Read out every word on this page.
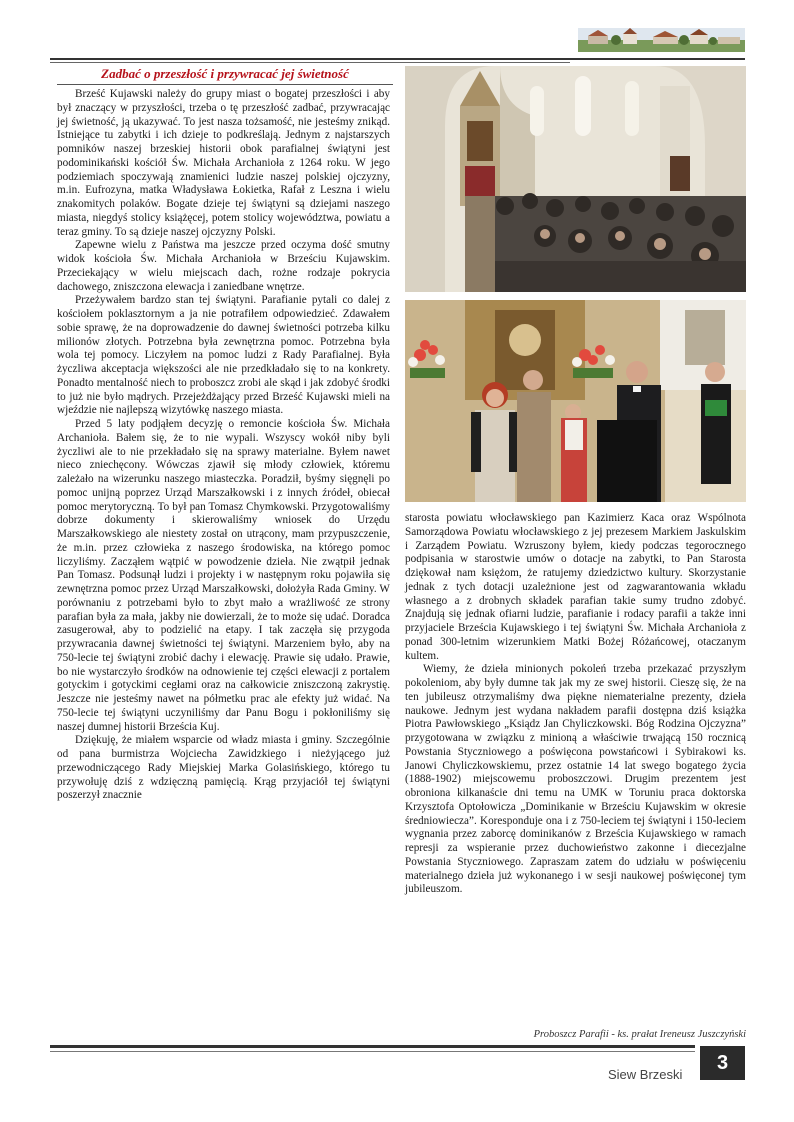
Zadbać o przeszłość i przywracać jej świetność

Brześć Kujawski należy do grupy miast o bogatej przeszłości i aby był znaczący w przyszłości, trzeba o tę przeszłość zadbać, przywracając jej świetność, ją ukazywać. To jest nasza tożsamość, nie jesteśmy znikąd. Istniejące tu zabytki i ich dzieje to podkreślają. Jednym z najstarszych pomników naszej brzeskiej historii obok parafialnej świątyni jest podominikański kościół Św. Michała Archanioła z 1264 roku. W jego podziemiach spoczywają znamienici ludzie naszej polskiej ojczyzny, m.in. Eufrozyna, matka Władysława Łokietka, Rafał z Leszna i wielu znakomitych polaków. Bogate dzieje tej świątyni są dziejami naszego miasta, niegdyś stolicy książęcej, potem stolicy województwa, powiatu a teraz gminy. To są dzieje naszej ojczyzny Polski.

Zapewne wielu z Państwa ma jeszcze przed oczyma dość smutny widok kościoła Św. Michała Archanioła w Brześciu Kujawskim. Przeciekający w wielu miejscach dach, rożne rodzaje pokrycia dachowego, zniszczona elewacja i zaniedbane wnętrze.

Przeżywałem bardzo stan tej świątyni. Parafianie pytali co dalej z kościołem poklasztornym a ja nie potrafiłem odpowiedzieć. Zdawałem sobie sprawę, że na doprowadzenie do dawnej świetności potrzeba kilku milionów złotych. Potrzebna była zewnętrzna pomoc. Potrzebna była wola tej pomocy. Liczyłem na pomoc ludzi z Rady Parafialnej. Była życzliwa akceptacja większości ale nie przedkładało się to na konkrety. Ponadto mentalność niech to proboszcz zrobi ale skąd i jak zdobyć środki to już nie było mądrych. Przejeżdżający przed Brześć Kujawski mieli na wjeździe nie najlepszą wizytówkę naszego miasta.

Przed 5 laty podjąłem decyzję o remoncie kościoła Św. Michała Archanioła. Bałem się, że to nie wypali. Wszyscy wokół niby byli życzliwi ale to nie przekładało się na sprawy materialne. Byłem nawet nieco zniechęcony. Wówczas zjawił się młody człowiek, któremu zależało na wizerunku naszego miasteczka. Poradził, byśmy sięgnęli po pomoc unijną poprzez Urząd Marszałkowski i z innych źródeł, obiecał pomoc merytoryczną. To był pan Tomasz Chymkowski. Przygotowaliśmy dobrze dokumenty i skierowaliśmy wniosek do Urzędu Marszałkowskiego ale niestety został on utrącony, mam przypuszczenie, że m.in. przez człowieka z naszego środowiska, na którego pomoc liczyliśmy. Zacząłem wątpić w powodzenie dzieła. Nie zwątpił jednak Pan Tomasz. Podsunął ludzi i projekty i w następnym roku pojawiła się zewnętrzna pomoc przez Urząd Marszałkowski, dołożyła Rada Gminy. W porównaniu z potrzebami było to zbyt mało a wrażliwość ze strony parafian była za mała, jakby nie dowierzali, że to może się udać. Doradca zasugerował, aby to podzielić na etapy. I tak zaczęła się przygoda przywracania dawnej świetności tej świątyni. Marzeniem było, aby na 750-lecie tej świątyni zrobić dachy i elewację. Prawie się udało. Prawie, bo nie wystarczyło środków na odnowienie tej części elewacji z portalem gotyckim i gotyckimi cegłami oraz na całkowicie zniszczoną zakrystię. Jeszcze nie jesteśmy nawet na półmetku prac ale efekty już widać. Na 750-lecie tej świątyni uczyniliśmy dar Panu Bogu i pokłoniliśmy się naszej dumnej historii Brześcia Kuj.

Dziękuję, że miałem wsparcie od władz miasta i gminy. Szczególnie od pana burmistrza Wojciecha Zawidzkiego i nieżyjącego już przewodniczącego Rady Miejskiej Marka Golasińskiego, którego tu przywołuję dziś z wdzięczną pamięcią. Krąg przyjaciół tej świątyni poszerzył znacznie

starosta powiatu włocławskiego pan Kazimierz Kaca oraz Wspólnota Samorządowa Powiatu włocławskiego z jej prezesem Markiem Jaskulskim i Zarządem Powiatu. Wzruszony byłem, kiedy podczas tegorocznego podpisania w starostwie umów o dotacje na zabytki, to Pan Starosta dziękował nam księżom, że ratujemy dziedzictwo kultury. Skorzystanie jednak z tych dotacji uzależnione jest od zagwarantowania wkładu własnego a z drobnych składek parafian takie sumy trudno zdobyć. Znajdują się jednak ofiarni ludzie, parafianie i rodacy parafii a także inni przyjaciele Brześcia Kujawskiego i tej świątyni Św. Michała Archanioła z ponad 300-letnim wizerunkiem Matki Bożej Różańcowej, otaczanym kultem.

Wiemy, że dzieła minionych pokoleń trzeba przekazać przyszłym pokoleniom, aby były dumne tak jak my ze swej historii. Cieszę się, że na ten jubileusz otrzymaliśmy dwa piękne niematerialne prezenty, dzieła naukowe. Jednym jest wydana nakładem parafii dostępna dziś książka Piotra Pawłowskiego „Ksiądz Jan Chyliczkowski. Bóg Rodzina Ojczyzna” przygotowana w związku z minioną a właściwie trwającą 150 rocznicą Powstania Styczniowego a poświęcona powstańcowi i Sybirakowi ks. Janowi Chyliczkowskiemu, przez ostatnie 14 lat swego bogatego życia (1888-1902) miejscowemu proboszczowi. Drugim prezentem jest obroniona kilkanaście dni temu na UMK w Toruniu praca doktorska Krzysztofa Optołowicza „Dominikanie w Brześciu Kujawskim w okresie średniowiecza”. Koresponduje ona i z 750-leciem tej świątyni i 150-leciem wygnania przez zaborcę dominikanów z Brześcia Kujawskiego w ramach represji za wspieranie przez duchowieństwo zakonne i diecezjalne Powstania Styczniowego. Zapraszam zatem do udziału w poświęceniu materialnego dzieła już wykonanego i w sesji naukowej poświęconej tym jubileuszom.

Proboszcz Parafii - ks. prałat Ireneusz Juszczyński
Siew Brzeski
3
